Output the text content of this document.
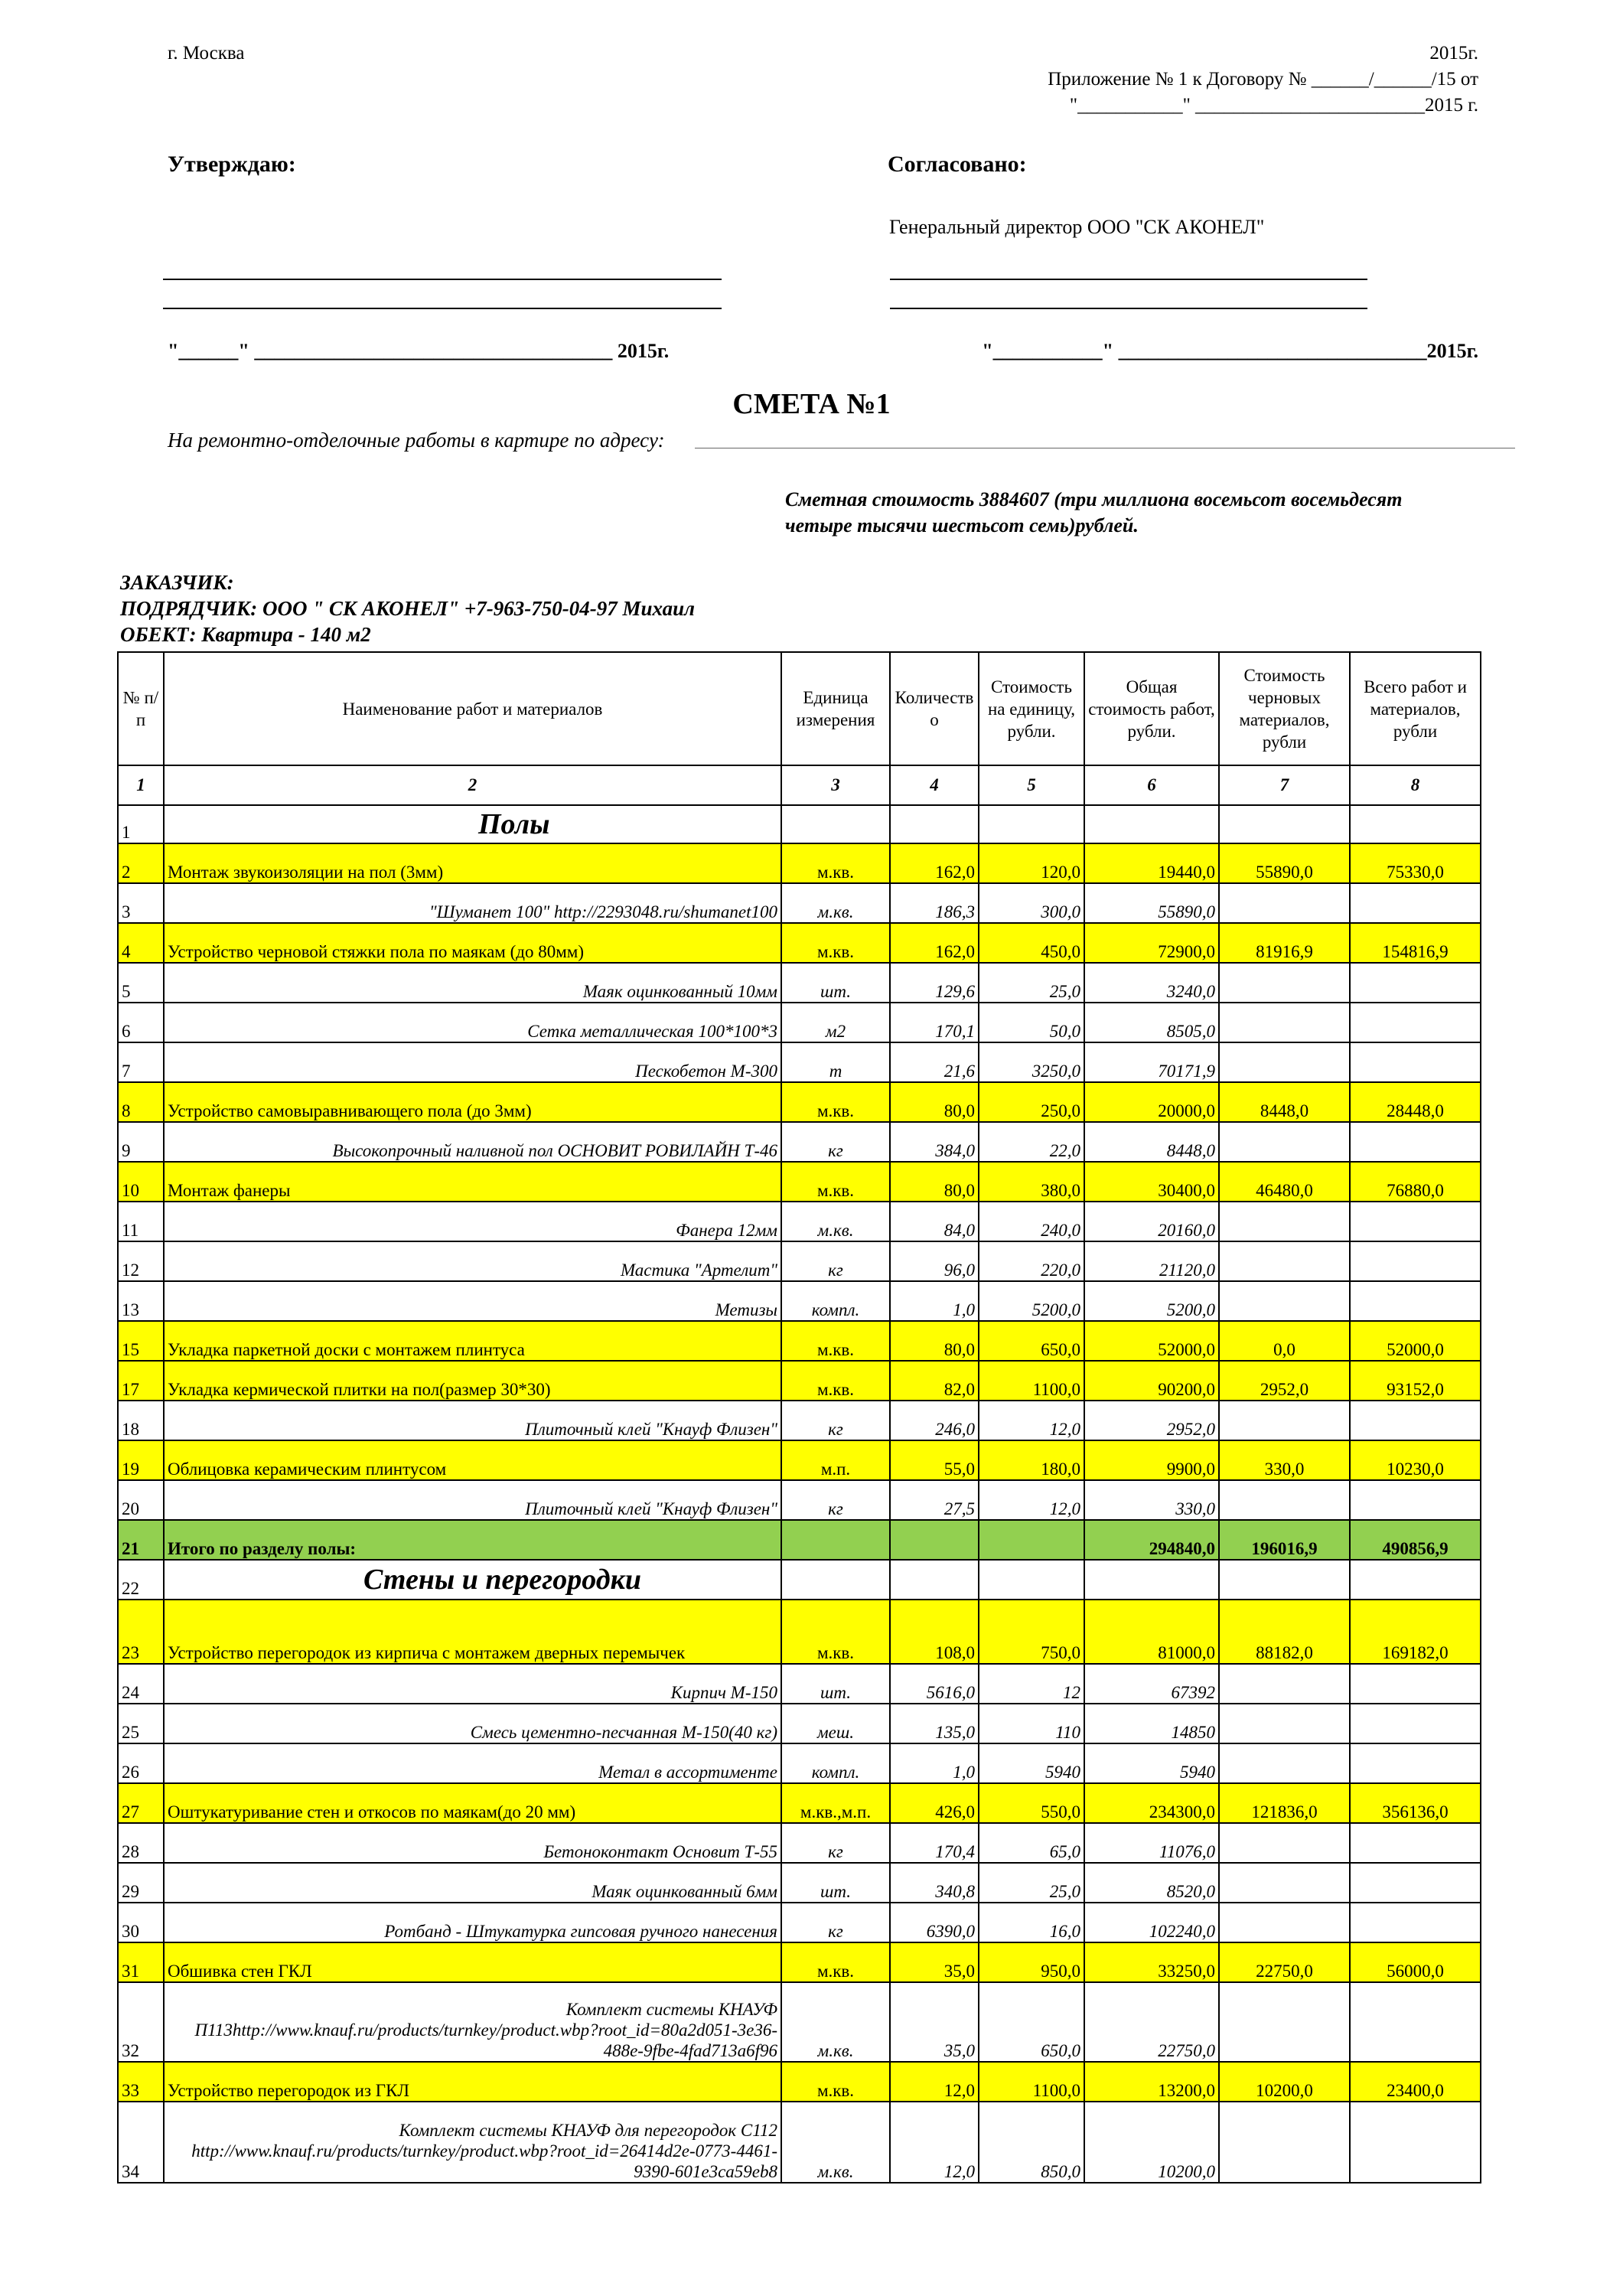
г. Москва	2015г.
Приложение № 1 к Договору № ______/______/15 от
"___________" ________________________2015 г.
Утверждаю:	Согласовано:
Генеральный директор ООО "СК АКОНЕЛ"
"______" ____________________________________ 2015г.	"___________" _______________________________2015г.
СМЕТА №1
На ремонтно-отделочные работы в картире по адресу:
Сметная стоимость 3884607 (три миллиона восемьсот восемьдесят четыре тысячи шестьсот семь)рублей.
ЗАКАЗЧИК:
ПОДРЯДЧИК: ООО " СК АКОНЕЛ" +7-963-750-04-97 Михаил
ОБЕКТ: Квартира - 140 м2
№ п/п	Наименование работ и материалов	Единица измерения	Количество	Стоимость на единицу, рубли.	Общая стоимость работ, рубли.	Стоимость черновых материалов, рубли	Всего работ и материалов, рубли
1	2	3	4	5	6	7	8
1	Полы						
2	Монтаж звукоизоляции на пол (3мм)	м.кв.	162,0	120,0	19440,0	55890,0	75330,0
3	"Шуманет 100" http://2293048.ru/shumanet100	м.кв.	186,3	300,0	55890,0		
4	Устройство черновой стяжки пола по маякам (до 80мм)	м.кв.	162,0	450,0	72900,0	81916,9	154816,9
5	Маяк оцинкованный 10мм	шт.	129,6	25,0	3240,0		
6	Сетка металлическая 100*100*3	м2	170,1	50,0	8505,0		
7	Пескобетон М-300	т	21,6	3250,0	70171,9		
8	Устройство самовыравнивающего пола (до 3мм)	м.кв.	80,0	250,0	20000,0	8448,0	28448,0
9	Высокопрочный наливной пол ОСНОВИТ РОВИЛАЙН Т-46	кг	384,0	22,0	8448,0		
10	Монтаж фанеры	м.кв.	80,0	380,0	30400,0	46480,0	76880,0
11	Фанера 12мм	м.кв.	84,0	240,0	20160,0		
12	Мастика "Артелит"	кг	96,0	220,0	21120,0		
13	Метизы	компл.	1,0	5200,0	5200,0		
15	Укладка паркетной доски с монтажем плинтуса	м.кв.	80,0	650,0	52000,0	0,0	52000,0
17	Укладка кермической плитки на пол(размер 30*30)	м.кв.	82,0	1100,0	90200,0	2952,0	93152,0
18	Плиточный клей "Кнауф Флизен"	кг	246,0	12,0	2952,0		
19	Облицовка керамическим плинтусом	м.п.	55,0	180,0	9900,0	330,0	10230,0
20	Плиточный клей "Кнауф Флизен"	кг	27,5	12,0	330,0		
21	Итого по разделу полы:				294840,0	196016,9	490856,9
22	Стены и перегородки						
23	Устройство перегородок из кирпича с монтажем дверных перемычек	м.кв.	108,0	750,0	81000,0	88182,0	169182,0
24	Кирпич М-150	шт.	5616,0	12	67392		
25	Смесь цементно-песчанная М-150(40 кг)	меш.	135,0	110	14850		
26	Метал в ассортименте	компл.	1,0	5940	5940		
27	Оштукатуривание стен и откосов по маякам(до 20 мм)	м.кв.,м.п.	426,0	550,0	234300,0	121836,0	356136,0
28	Бетоноконтакт Основит Т-55	кг	170,4	65,0	11076,0		
29	Маяк оцинкованный 6мм	шт.	340,8	25,0	8520,0		
30	Ротбанд - Штукатурка гипсовая ручного нанесения	кг	6390,0	16,0	102240,0		
31	Обшивка стен ГКЛ	м.кв.	35,0	950,0	33250,0	22750,0	56000,0
32	Комплект системы КНАУФ П113http://www.knauf.ru/products/turnkey/product.wbp?root_id=80a2d051-3e36-488e-9fbe-4fad713a6f96	м.кв.	35,0	650,0	22750,0		
33	Устройство перегородок из ГКЛ	м.кв.	12,0	1100,0	13200,0	10200,0	23400,0
34	Комплект системы КНАУФ для перегородок С112 http://www.knauf.ru/products/turnkey/product.wbp?root_id=26414d2e-0773-4461-9390-601e3ca59eb8	м.кв.	12,0	850,0	10200,0		
